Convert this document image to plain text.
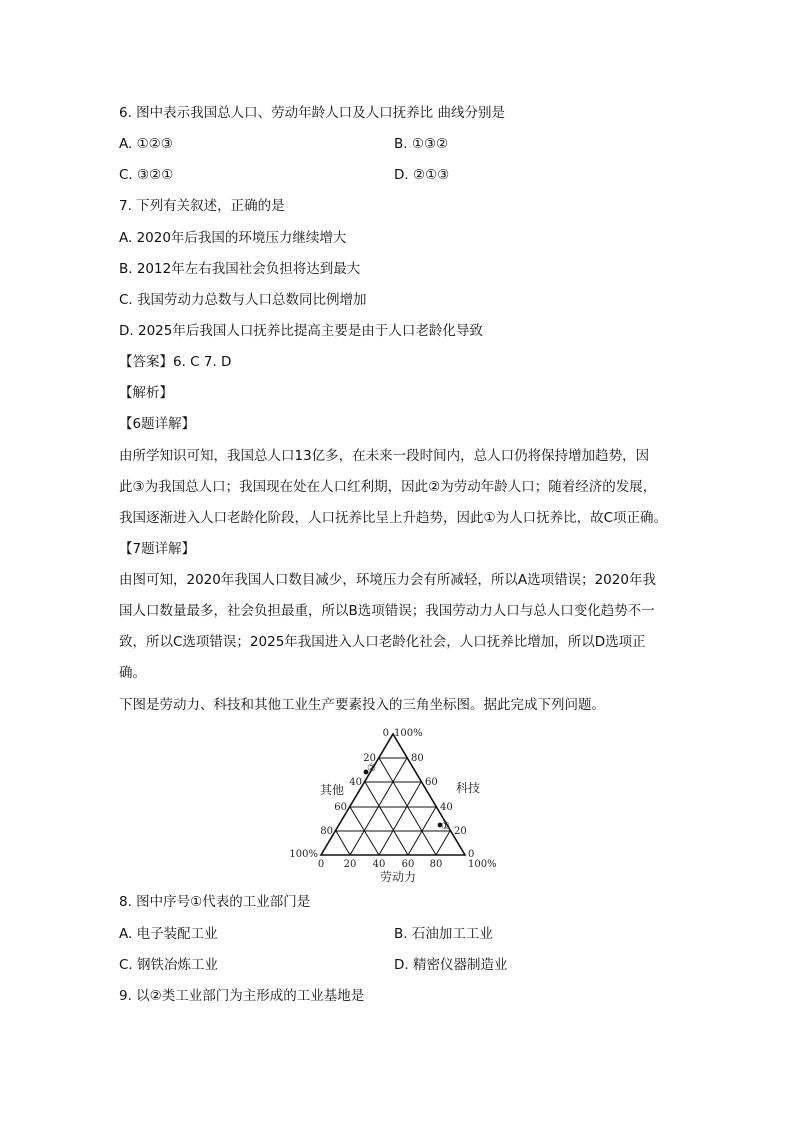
6. 图中表示我国总人口、劳动年龄人口及人口抚养比 曲线分别是
A. ①②③	B. ①③②
C. ③②①	D. ②①③
7. 下列有关叙述，正确的是
A. 2020年后我国的环境压力继续增大
B. 2012年左右我国社会负担将达到最大
C. 我国劳动力总数与人口总数同比例增加
D. 2025年后我国人口抚养比提高主要是由于人口老龄化导致
【答案】6. C 7. D
【解析】
【6题详解】
由所学知识可知，我国总人口13亿多，在未来一段时间内，总人口仍将保持增加趋势，因
此③为我国总人口；我国现在处在人口红利期，因此②为劳动年龄人口；随着经济的发展，
我国逐渐进入人口老龄化阶段，人口抚养比呈上升趋势，因此①为人口抚养比，故C项正确。
【7题详解】
由图可知，2020年我国人口数目减少，环境压力会有所减轻，所以A选项错误；2020年我
国人口数量最多，社会负担最重，所以B选项错误；我国劳动力人口与总人口变化趋势不一
致，所以C选项错误；2025年我国进入人口老龄化社会，人口抚养比增加，所以D选项正
确。
下图是劳动力、科技和其他工业生产要素投入的三角坐标图。据此完成下列问题。
0 100%
20
40
60
80
80
60
40
20
100%	0
0 20 40 60 80	100%
其他	科技
劳动力
②
①
8. 图中序号①代表的工业部门是
A. 电子装配工业	B. 石油加工工业
C. 钢铁冶炼工业	D. 精密仪器制造业
9. 以②类工业部门为主形成的工业基地是
